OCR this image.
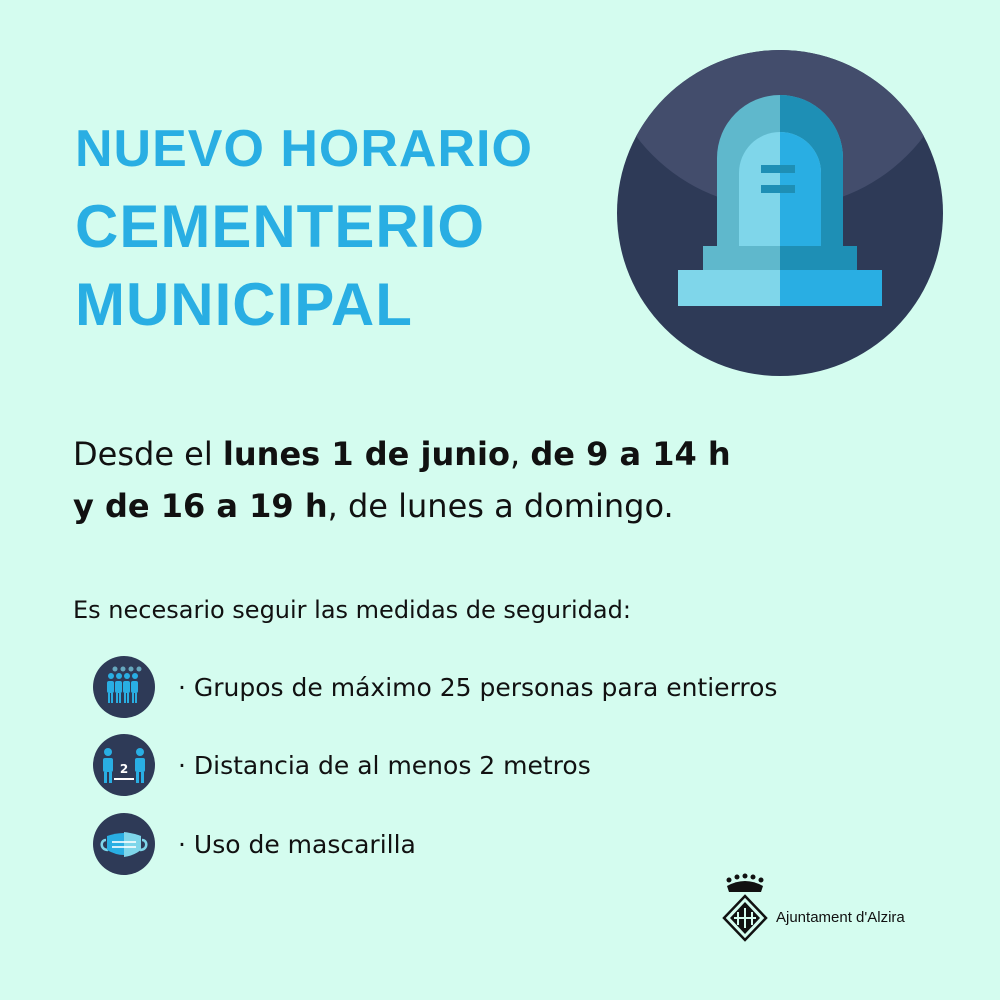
NUEVO HORARIO
CEMENTERIO
MUNICIPAL
Desde el lunes 1 de junio, de 9 a 14 h
y de 16 a 19 h, de lunes a domingo.
Es necesario seguir las medidas de seguridad:
· Grupos de máximo 25 personas para entierros
2 · Distancia de al menos 2 metros
· Uso de mascarilla
Ajuntament d'Alzira
